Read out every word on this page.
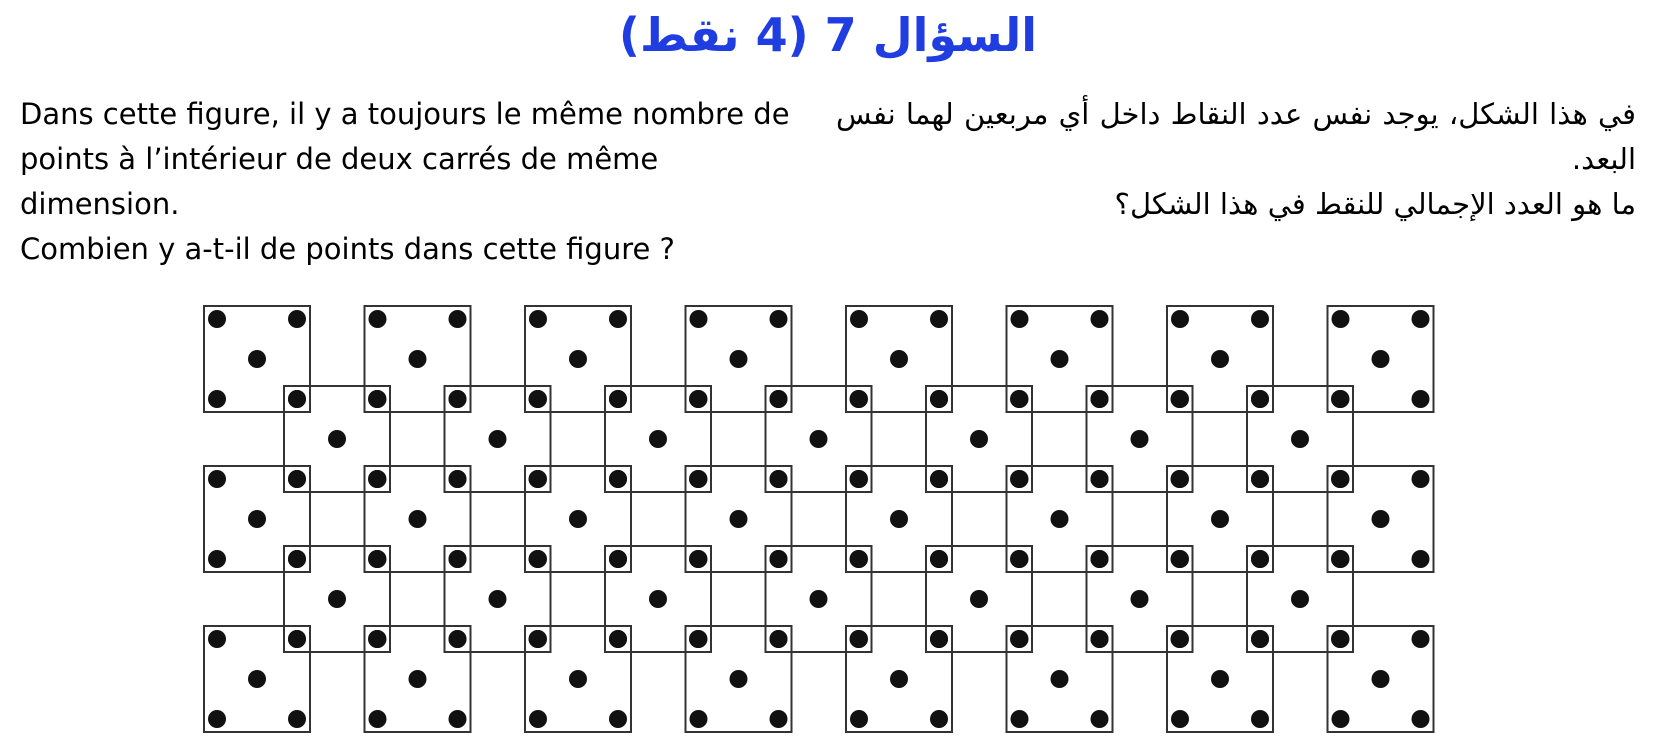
السؤال 7 (4 نقط)

Dans cette figure, il y a toujours le même nombre de points à l’intérieur de deux carrés de même dimension.

Combien y a-t-il de points dans cette figure ?

في هذا الشكل، يوجد نفس عدد النقاط داخل أي مربعين لهما نفس البعد.

ما هو العدد الإجمالي للنقط في هذا الشكل؟
